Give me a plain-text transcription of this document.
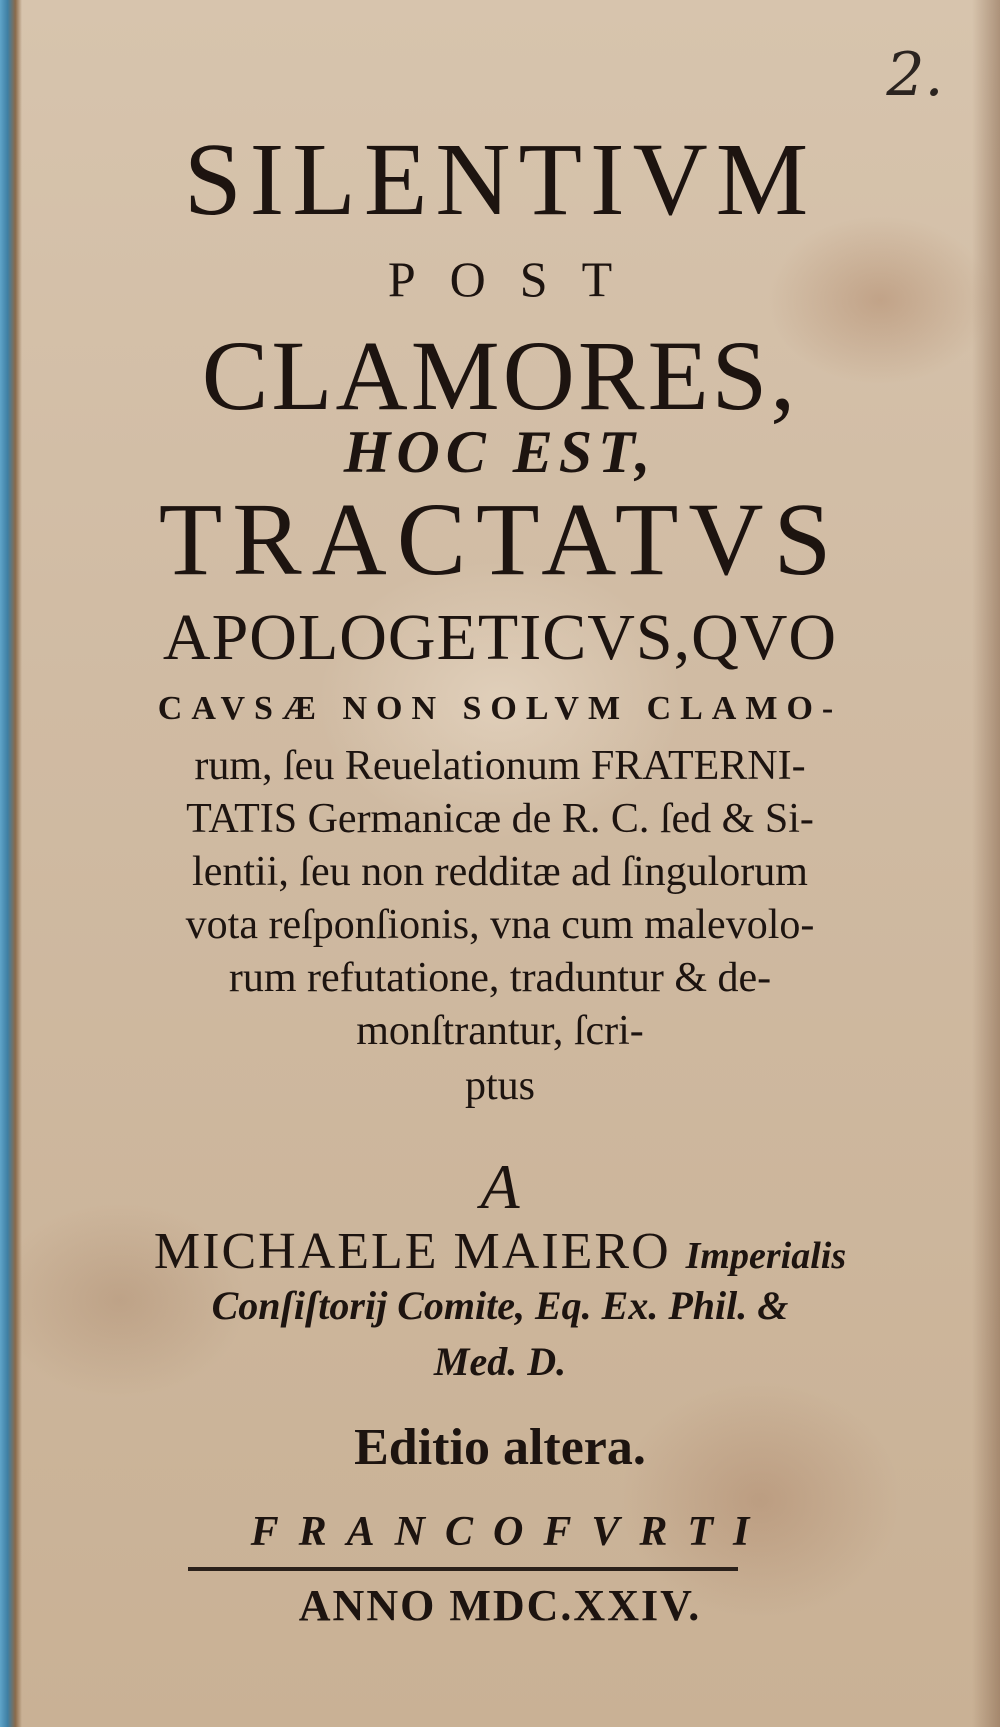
2.
SILENTIVM
POST
CLAMORES,
HOC EST,
TRACTATVS
APOLOGETICVS,QVO
CAVSÆ NON SOLVM CLAMO-
rum, ſeu Reuelationum FRATERNI-
TATIS Germanicæ de R. C. ſed & Si-
lentii, ſeu non redditæ ad ſingulorum
vota reſponſionis, vna cum malevolo-
rum refutatione, traduntur & de-
monſtrantur, ſcri-
ptus
A
MICHAELE MAIERO Imperialis
Conſiſtorij Comite, Eq. Ex. Phil. &
Med. D.
Editio altera.
FRANCOFVRTI
ANNO MDC.XXIV.
